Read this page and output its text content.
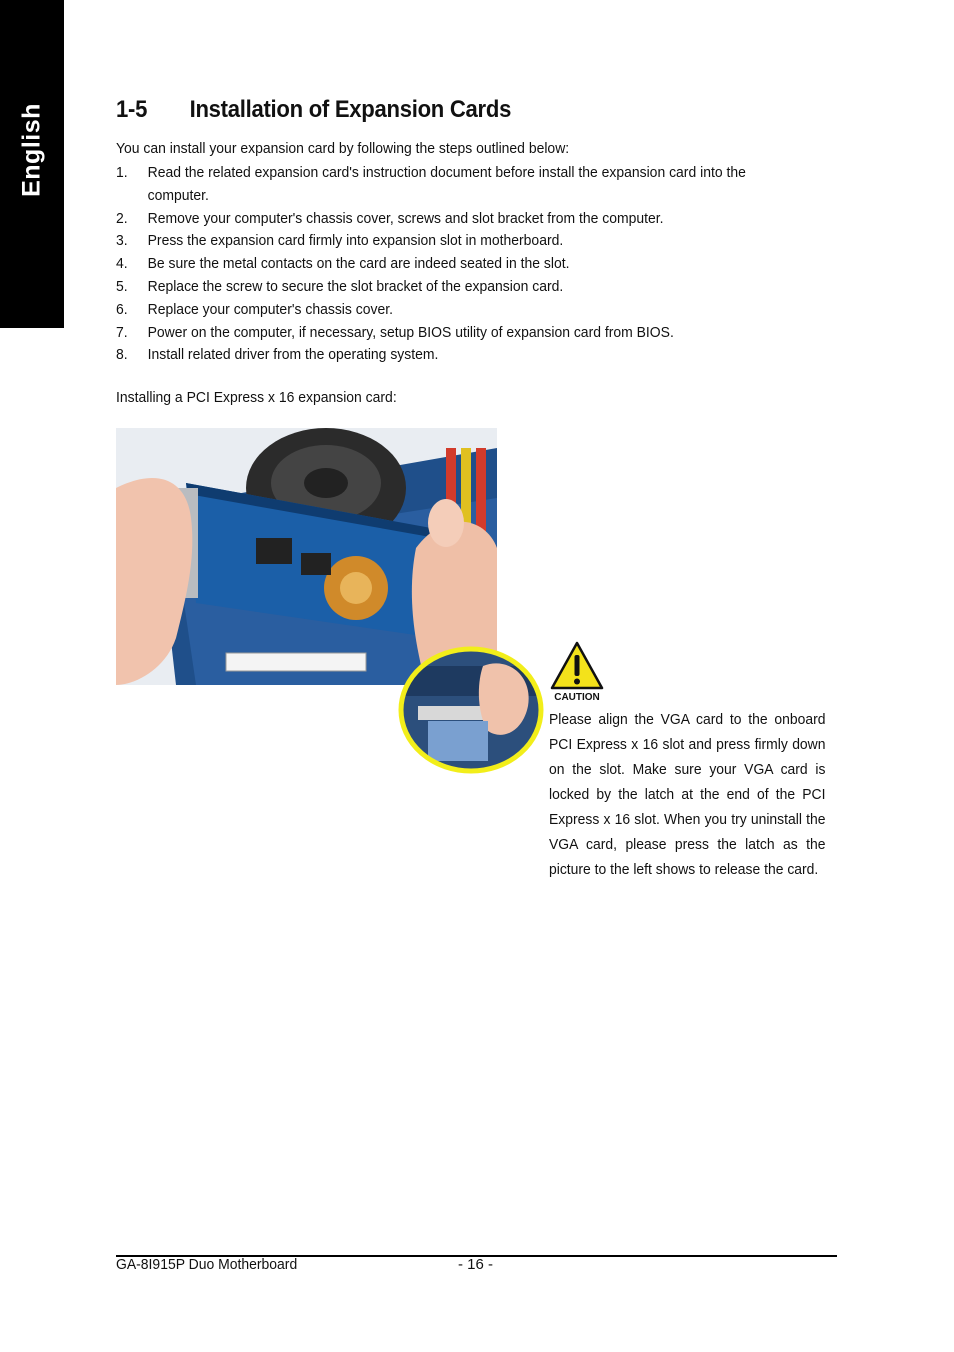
English	1-5	Installation of Expansion Cards
You can install your expansion card by following the steps outlined below:
1.	Read the related expansion card's instruction document before install the expansion card into the computer.
2.	Remove your computer's chassis cover, screws and slot bracket from the computer.
3.	Press the expansion card firmly into expansion slot in motherboard.
4.	Be sure the metal contacts on the card are indeed seated in the slot.
5.	Replace the screw to secure the slot bracket of the expansion card.
6.	Replace your computer's chassis cover.
7.	Power on the computer, if necessary, setup BIOS utility of expansion card from BIOS.
8.	Install related driver from the operating system.
Installing a PCI Express x 16 expansion card:
CAUTION
Please align the VGA card to the onboard PCI Express x 16 slot and press firmly down on the slot. Make sure your VGA card is locked by the latch at the end of the PCI Express x 16 slot. When you try uninstall the VGA card, please press the latch as the picture to the left shows to release the card.
GA-8I915P Duo Motherboard	- 16 -
